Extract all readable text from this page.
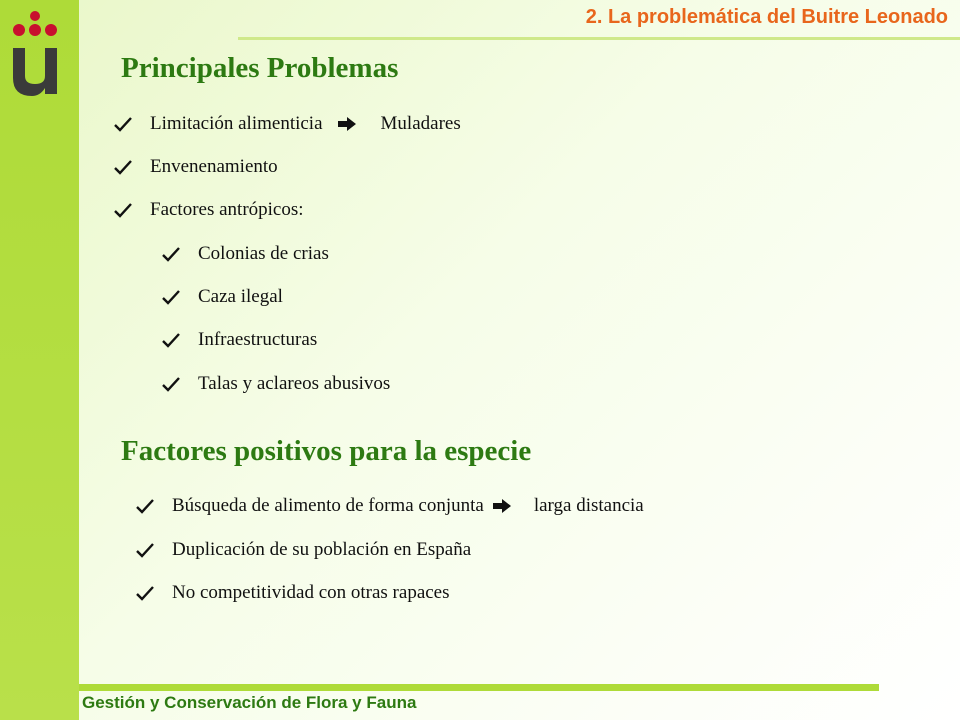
2. La problemática del Buitre Leonado
Principales Problemas
Limitación alimenticia	Muladares
Envenenamiento
Factores antrópicos:
Colonias de crias
Caza ilegal
Infraestructuras
Talas y aclareos abusivos
Factores positivos para la especie
Búsqueda de alimento de forma conjunta	larga distancia
Duplicación de su población en España
No competitividad con otras rapaces
Gestión y Conservación de Flora y Fauna
